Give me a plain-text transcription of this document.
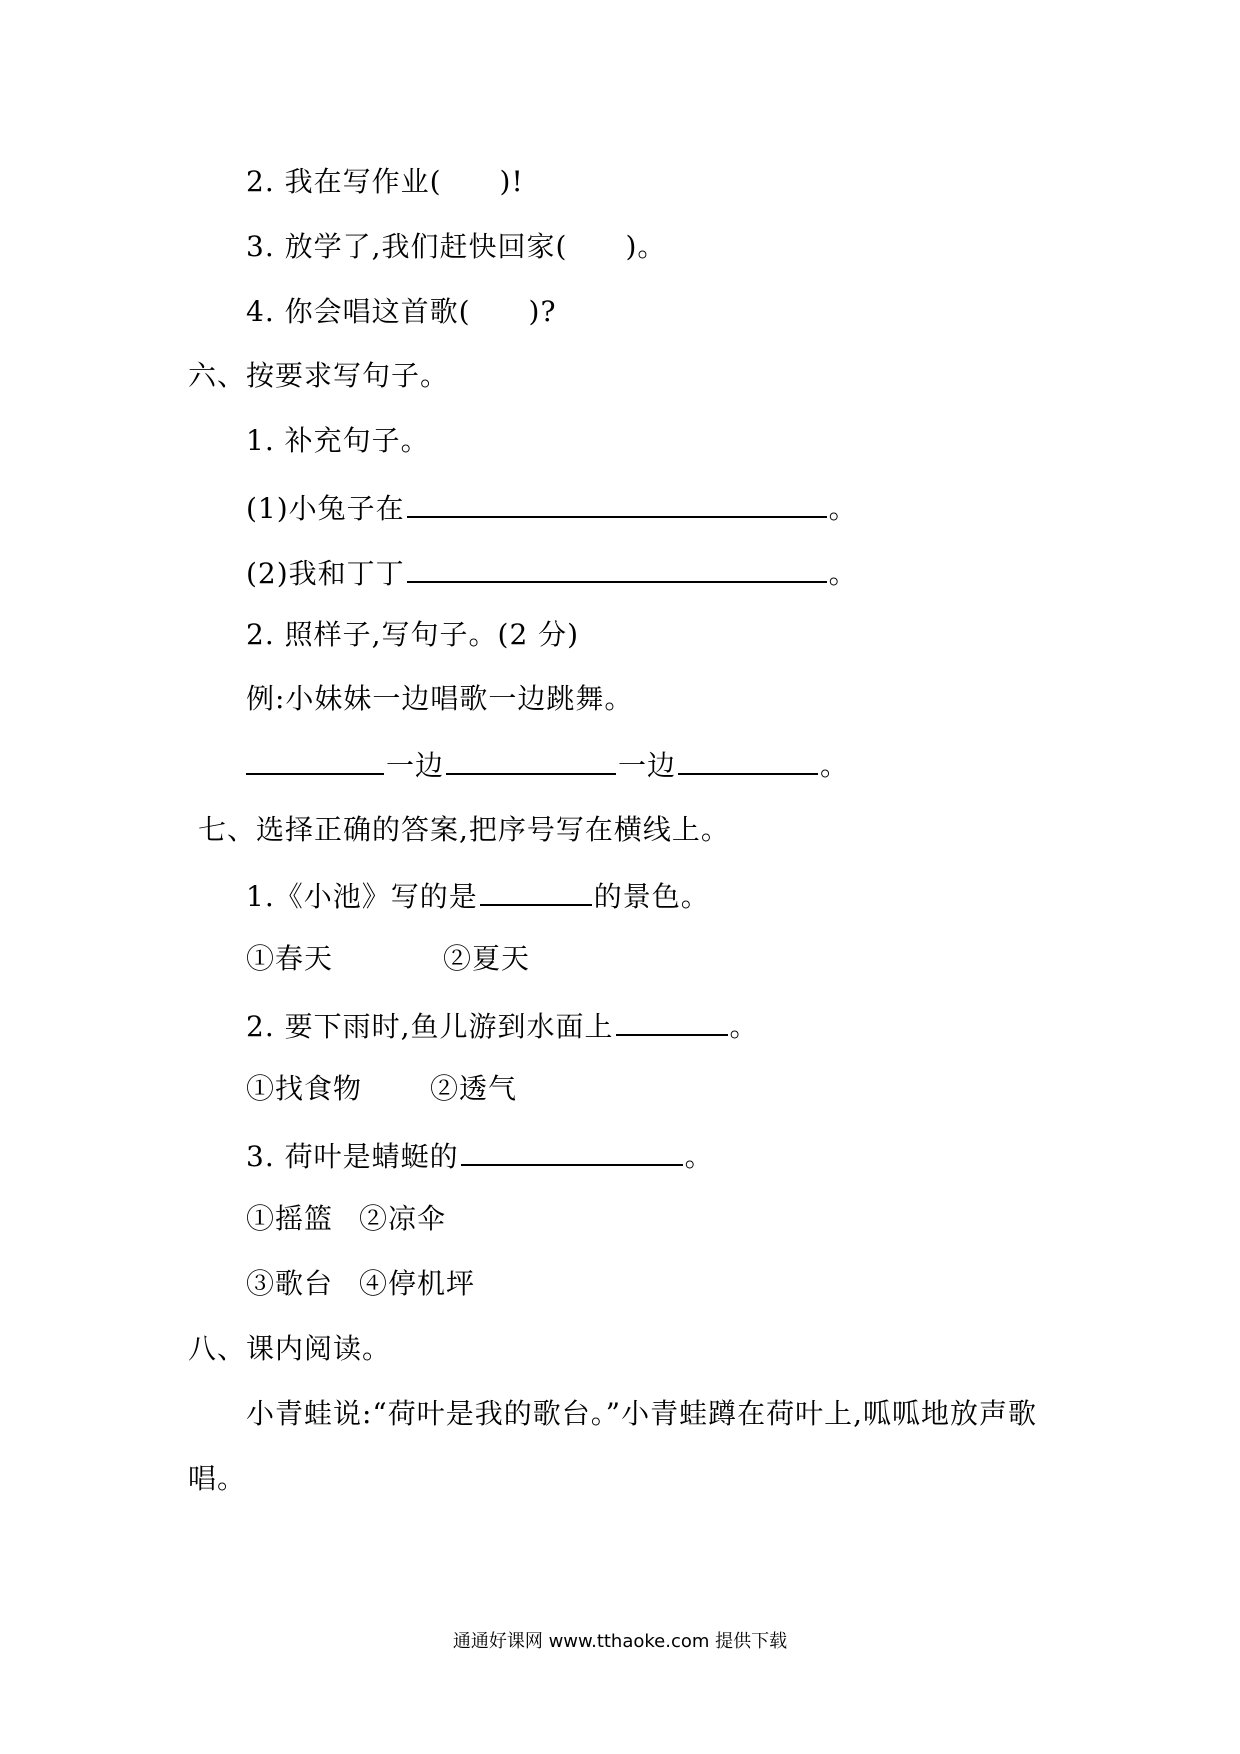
2. 我在写作业(　　)!
3. 放学了,我们赶快回家(　　)。
4. 你会唱这首歌(　　)?
六、按要求写句子。
1. 补充句子。
(1)小兔子在	。
(2)我和丁丁	。
2. 照样子,写句子。(2 分)
例:小妹妹一边唱歌一边跳舞。
一边	一边	。
七、选择正确的答案,把序号写在横线上。
1.《小池》写的是	的景色。
①春天	②夏天
2. 要下雨时,鱼儿游到水面上	。
①找食物 ②透气
3. 荷叶是蜻蜓的	。
①摇篮 ②凉伞
③歌台 ④停机坪
八、课内阅读。
小青蛙说:“荷叶是我的歌台。”小青蛙蹲在荷叶上,呱呱地放声歌
唱。
通通好课网 www.tthaoke.com 提供下载
